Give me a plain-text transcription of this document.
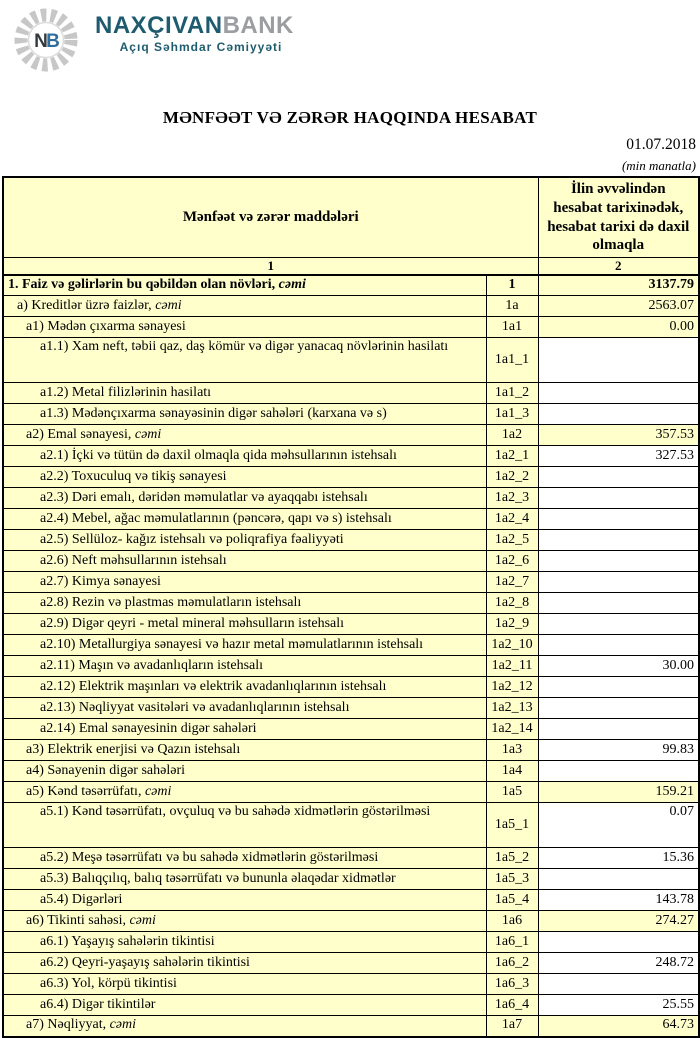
N
B
NAXÇIVANBANK
Açıq Səhmdar Cəmiyyəti
MƏNFƏƏT VƏ ZƏRƏR HAQQINDA HESABAT
01.07.2018
(min manatla)
Mənfəət və zərər maddələri		İlin əvvəlindən hesabat tarixinədək, hesabat tarixi də daxil olmaqla
1		2
1. Faiz və gəlirlərin bu qəbildən olan növləri, cəmi	1	3137.79
a) Kreditlər üzrə faizlər, cəmi	1a	2563.07
a1) Mədən çıxarma sənayesi	1a1	0.00
a1.1) Xam neft, təbii qaz, daş kömür və digər yanacaq növlərinin hasilatı	1a1_1	
a1.2) Metal filizlərinin hasilatı	1a1_2	
a1.3) Mədənçıxarma sənayəsinin digər sahələri (karxana və s)	1a1_3	
a2) Emal sənayesi, cəmi	1a2	357.53
a2.1) İçki və tütün də daxil olmaqla qida məhsullarının istehsalı	1a2_1	327.53
a2.2) Toxuculuq və tikiş sənayesi	1a2_2	
a2.3) Dəri emalı, dəridən məmulatlar və ayaqqabı istehsalı	1a2_3	
a2.4) Mebel, ağac məmulatlarının (pəncərə, qapı və s) istehsalı	1a2_4	
a2.5) Sellüloz- kağız istehsalı və poliqrafiya fəaliyyəti	1a2_5	
a2.6) Neft məhsullarının istehsalı	1a2_6	
a2.7) Kimya sənayesi	1a2_7	
a2.8) Rezin və plastmas məmulatların istehsalı	1a2_8	
a2.9) Digər qeyri - metal mineral məhsulların istehsalı	1a2_9	
a2.10) Metallurgiya sənayesi və hazır metal məmulatlarının istehsalı	1a2_10	
a2.11) Maşın və avadanlıqların istehsalı	1a2_11	30.00
a2.12) Elektrik maşınları və elektrik avadanlıqlarının istehsalı	1a2_12	
a2.13) Nəqliyyat vasitələri və avadanlıqlarının istehsalı	1a2_13	
a2.14) Emal sənayesinin digər sahələri	1a2_14	
a3) Elektrik enerjisi və Qazın istehsalı	1a3	99.83
a4) Sənayenin digər sahələri	1a4	
a5) Kənd təsərrüfatı, cəmi	1a5	159.21
a5.1) Kənd təsərrüfatı, ovçuluq və bu sahədə xidmətlərin göstərilməsi	1a5_1	0.07
a5.2) Meşə təsərrüfatı və bu sahədə xidmətlərin göstərilməsi	1a5_2	15.36
a5.3) Balıqçılıq, balıq təsərrüfatı və bununla əlaqədar xidmətlər	1a5_3	
a5.4) Digərləri	1a5_4	143.78
a6) Tikinti sahəsi, cəmi	1a6	274.27
a6.1) Yaşayış sahələrin tikintisi	1a6_1	
a6.2) Qeyri-yaşayış sahələrin tikintisi	1a6_2	248.72
a6.3) Yol, körpü tikintisi	1a6_3	
a6.4) Digər tikintilər	1a6_4	25.55
a7) Nəqliyyat, cəmi	1a7	64.73
